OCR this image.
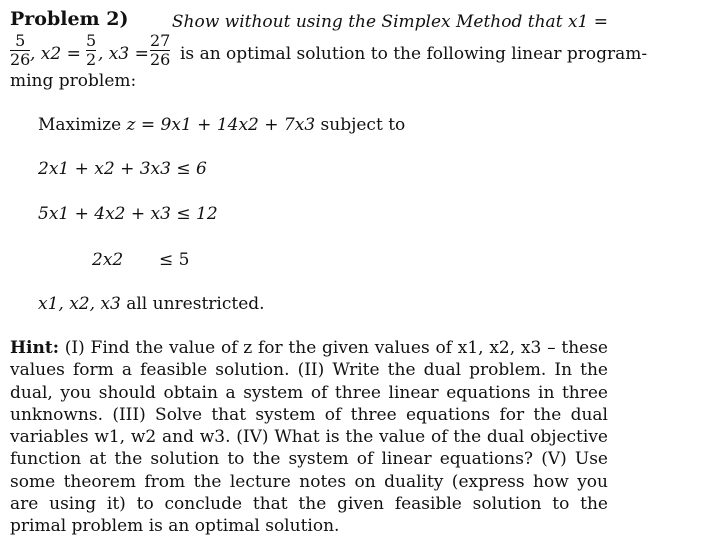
Problem 2)	Show without using the Simplex Method that x1 =
$\frac{5}{26}$ , $x2 = \frac{5}{2}$ , $x3 = \frac{27}{26}$ is an optimal solution to the following linear program-
ming problem:
Maximize z = 9x1 + 14x2 + 7x3 subject to
2x1 + x2 + 3x3 ≤ 6
5x1 + 4x2 + x3 ≤ 12
2x2 ≤ 5
x1, x2, x3 all unrestricted.
Hint: (I) Find the value of z for the given values of x1, x2, x3 – these values form a feasible solution. (II) Write the dual problem. In the dual, you should obtain a system of three linear equations in three unknowns. (III) Solve that system of three equations for the dual variables w1, w2 and w3. (IV) What is the value of the dual objective function at the solution to the system of linear equations? (V) Use some theorem from the lecture notes on duality (express how you are using it) to conclude that the given feasible solution to the primal problem is an optimal solution.
